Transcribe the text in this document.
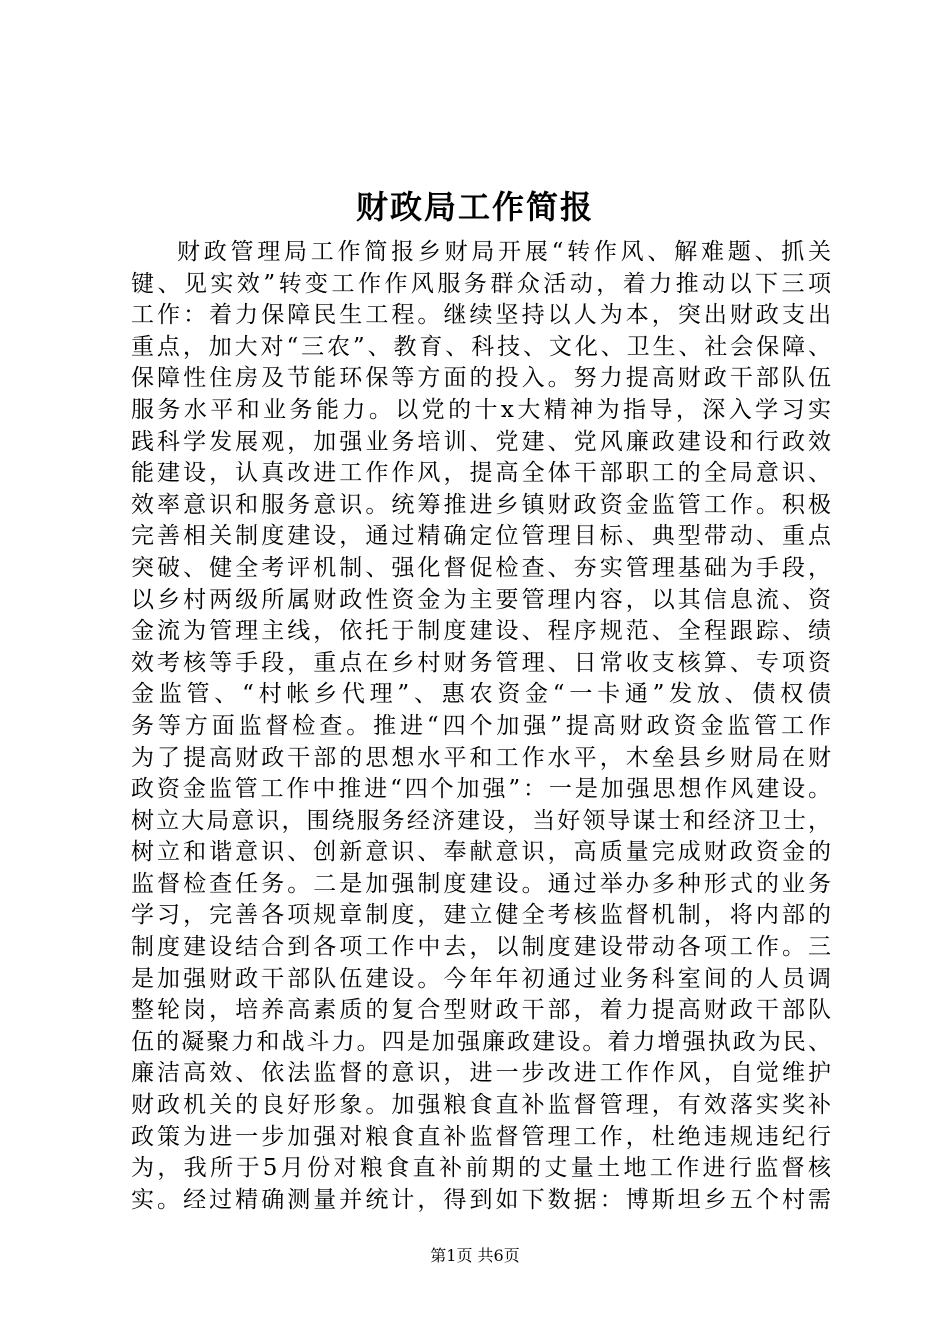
财政局工作简报
财政管理局工作简报乡财局开展“转作风、解难题、抓关
键、见实效”转变工作作风服务群众活动，着力推动以下三项
工作：着力保障民生工程。继续坚持以人为本，突出财政支出
重点，加大对“三农”、教育、科技、文化、卫生、社会保障、
保障性住房及节能环保等方面的投入。努力提高财政干部队伍
服务水平和业务能力。以党的十x大精神为指导，深入学习实
践科学发展观，加强业务培训、党建、党风廉政建设和行政效
能建设，认真改进工作作风，提高全体干部职工的全局意识、
效率意识和服务意识。统筹推进乡镇财政资金监管工作。积极
完善相关制度建设，通过精确定位管理目标、典型带动、重点
突破、健全考评机制、强化督促检查、夯实管理基础为手段，
以乡村两级所属财政性资金为主要管理内容，以其信息流、资
金流为管理主线，依托于制度建设、程序规范、全程跟踪、绩
效考核等手段，重点在乡村财务管理、日常收支核算、专项资
金监管、“村帐乡代理”、惠农资金“一卡通”发放、债权债
务等方面监督检查。推进“四个加强”提高财政资金监管工作
为了提高财政干部的思想水平和工作水平，木垒县乡财局在财
政资金监管工作中推进“四个加强”：一是加强思想作风建设。
树立大局意识，围绕服务经济建设，当好领导谋士和经济卫士，
树立和谐意识、创新意识、奉献意识，高质量完成财政资金的
监督检查任务。二是加强制度建设。通过举办多种形式的业务
学习，完善各项规章制度，建立健全考核监督机制，将内部的
制度建设结合到各项工作中去，以制度建设带动各项工作。三
是加强财政干部队伍建设。今年年初通过业务科室间的人员调
整轮岗，培养高素质的复合型财政干部，着力提高财政干部队
伍的凝聚力和战斗力。四是加强廉政建设。着力增强执政为民、
廉洁高效、依法监督的意识，进一步改进工作作风，自觉维护
财政机关的良好形象。加强粮食直补监督管理，有效落实奖补
政策为进一步加强对粮食直补监督管理工作，杜绝违规违纪行
为，我所于5月份对粮食直补前期的丈量土地工作进行监督核
实。经过精确测量并统计，得到如下数据：博斯坦乡五个村需
第1页 共6页
